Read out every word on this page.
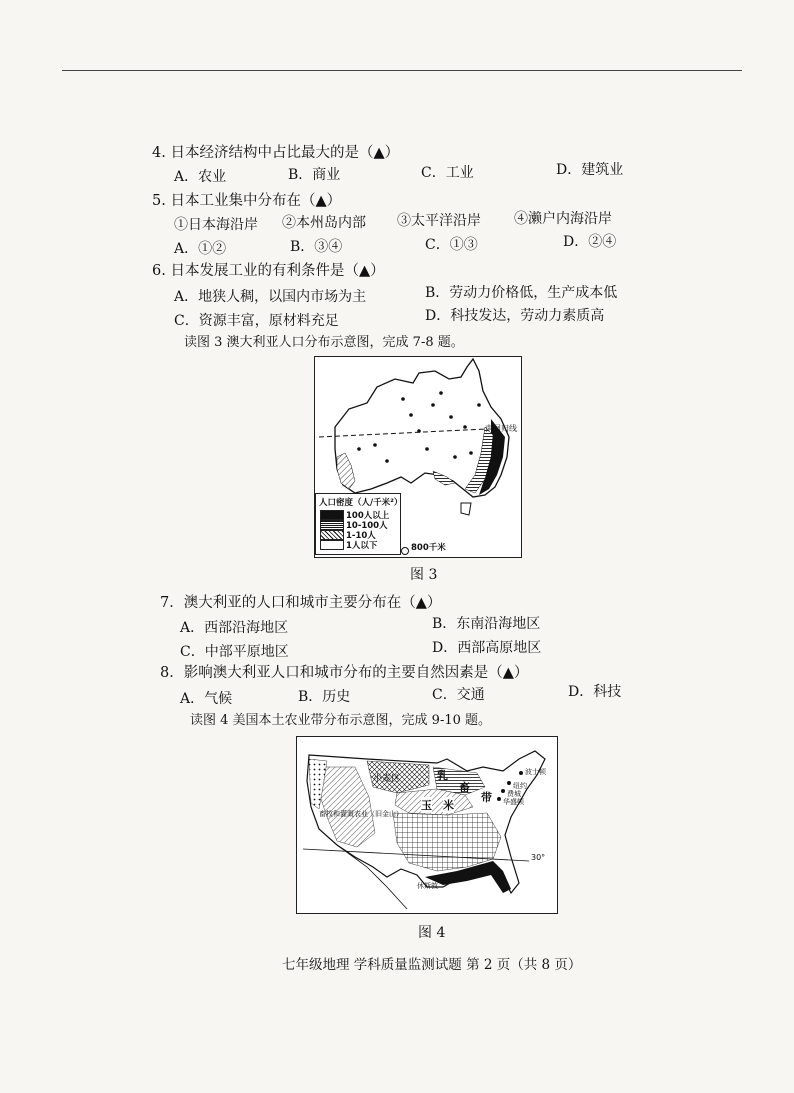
4. 日本经济结构中占比最大的是（▲）
A．农业	B．商业	C．工业	D．建筑业
5. 日本工业集中分布在（▲）
①日本海沿岸 ②本州岛内部 ③太平洋沿岸 ④濑户内海沿岸
A．①②	B．③④	C．①③	D．②④
6. 日本发展工业的有利条件是（▲）
A．地狭人稠，以国内市场为主	B．劳动力价格低，生产成本低
C．资源丰富，原材料充足	D．科技发达，劳动力素质高
读图 3 澳大利亚人口分布示意图，完成 7-8 题。
南回归线
人口密度（人/千米²）
100人以上
10-100人
1-10人
1人以下	800千米
图 3
7．澳大利亚的人口和城市主要分布在（▲）
A．西部沿海地区	B．东南沿海地区
C．中部平原地区	D．西部高原地区
8．影响澳大利亚人口和城市分布的主要自然因素是（▲）
A．气候	B．历史	C．交通	D．科技
读图 4 美国本土农业带分布示意图，完成 9-10 题。
小麦区	乳
畜
带
玉 米
甲
畜牧和灌溉农业（旧金山）
休斯敦
波士顿
纽约
费城
华盛顿
30°
图 4
七年级地理 学科质量监测试题 第 2 页（共 8 页）
